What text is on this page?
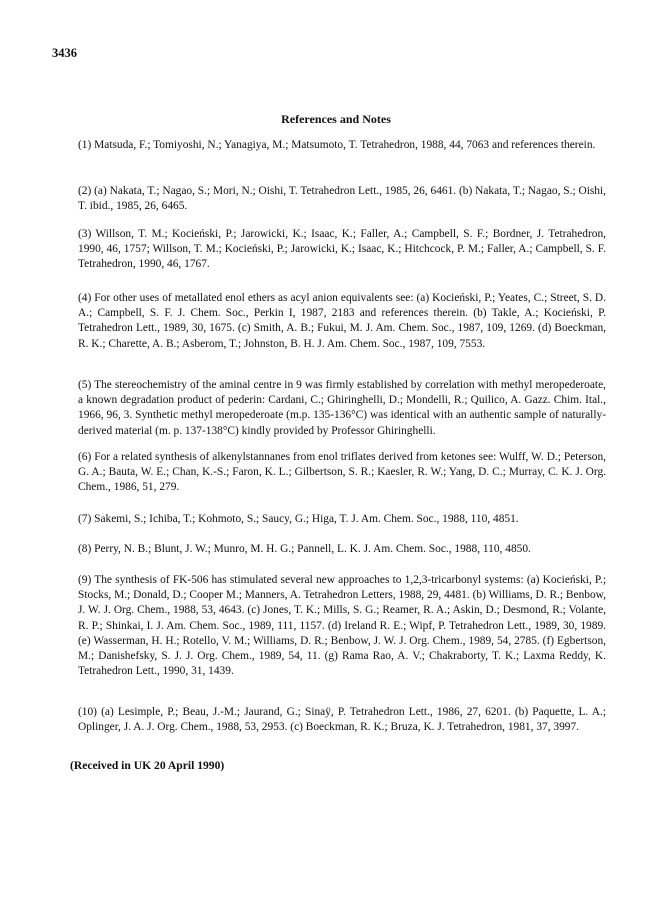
3436
References and Notes
(1) Matsuda, F.; Tomiyoshi, N.; Yanagiya, M.; Matsumoto, T. Tetrahedron, 1988, 44, 7063 and references therein.
(2) (a) Nakata, T.; Nagao, S.; Mori, N.; Oishi, T. Tetrahedron Lett., 1985, 26, 6461. (b) Nakata, T.; Nagao, S.; Oishi, T. ibid., 1985, 26, 6465.
(3) Willson, T. M.; Kocieński, P.; Jarowicki, K.; Isaac, K.; Faller, A.; Campbell, S. F.; Bordner, J. Tetrahedron, 1990, 46, 1757; Willson, T. M.; Kocieński, P.; Jarowicki, K.; Isaac, K.; Hitchcock, P. M.; Faller, A.; Campbell, S. F. Tetrahedron, 1990, 46, 1767.
(4) For other uses of metallated enol ethers as acyl anion equivalents see: (a) Kocieński, P.; Yeates, C.; Street, S. D. A.; Campbell, S. F. J. Chem. Soc., Perkin I, 1987, 2183 and references therein. (b) Takle, A.; Kocieński, P. Tetrahedron Lett., 1989, 30, 1675. (c) Smith, A. B.; Fukui, M. J. Am. Chem. Soc., 1987, 109, 1269. (d) Boeckman, R. K.; Charette, A. B.; Asberom, T.; Johnston, B. H. J. Am. Chem. Soc., 1987, 109, 7553.
(5) The stereochemistry of the aminal centre in 9 was firmly established by correlation with methyl meropederoate, a known degradation product of pederin: Cardani, C.; Ghiringhelli, D.; Mondelli, R.; Quilico, A. Gazz. Chim. Ital., 1966, 96, 3. Synthetic methyl meropederoate (m.p. 135-136°C) was identical with an authentic sample of naturally-derived material (m. p. 137-138°C) kindly provided by Professor Ghiringhelli.
(6) For a related synthesis of alkenylstannanes from enol triflates derived from ketones see: Wulff, W. D.; Peterson, G. A.; Bauta, W. E.; Chan, K.-S.; Faron, K. L.; Gilbertson, S. R.; Kaesler, R. W.; Yang, D. C.; Murray, C. K. J. Org. Chem., 1986, 51, 279.
(7) Sakemi, S.; Ichiba, T.; Kohmoto, S.; Saucy, G.; Higa, T. J. Am. Chem. Soc., 1988, 110, 4851.
(8) Perry, N. B.; Blunt, J. W.; Munro, M. H. G.; Pannell, L. K. J. Am. Chem. Soc., 1988, 110, 4850.
(9) The synthesis of FK-506 has stimulated several new approaches to 1,2,3-tricarbonyl systems: (a) Kocieński, P.; Stocks, M.; Donald, D.; Cooper M.; Manners, A. Tetrahedron Letters, 1988, 29, 4481. (b) Williams, D. R.; Benbow, J. W. J. Org. Chem., 1988, 53, 4643. (c) Jones, T. K.; Mills, S. G.; Reamer, R. A.; Askin, D.; Desmond, R.; Volante, R. P.; Shinkai, I. J. Am. Chem. Soc., 1989, 111, 1157. (d) Ireland R. E.; Wipf, P. Tetrahedron Lett., 1989, 30, 1989. (e) Wasserman, H. H.; Rotello, V. M.; Williams, D. R.; Benbow, J. W. J. Org. Chem., 1989, 54, 2785. (f) Egbertson, M.; Danishefsky, S. J. J. Org. Chem., 1989, 54, 11. (g) Rama Rao, A. V.; Chakraborty, T. K.; Laxma Reddy, K. Tetrahedron Lett., 1990, 31, 1439.
(10) (a) Lesimple, P.; Beau, J.-M.; Jaurand, G.; Sinaÿ, P. Tetrahedron Lett., 1986, 27, 6201. (b) Paquette, L. A.; Oplinger, J. A. J. Org. Chem., 1988, 53, 2953. (c) Boeckman, R. K.; Bruza, K. J. Tetrahedron, 1981, 37, 3997.
(Received in UK 20 April 1990)
